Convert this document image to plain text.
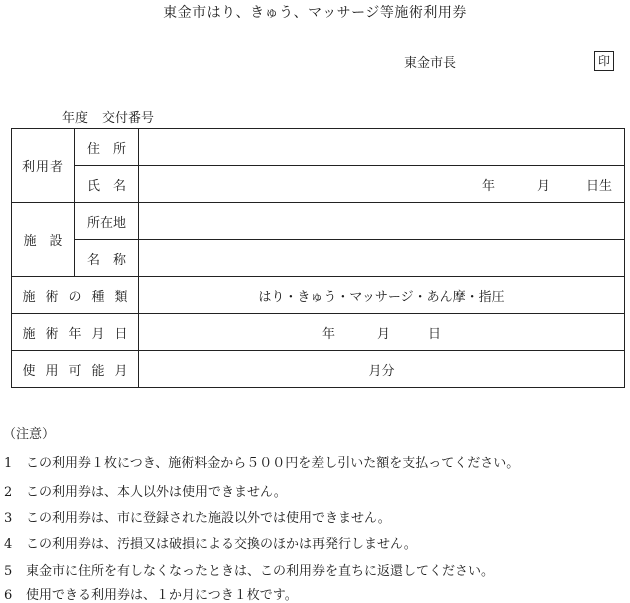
東金市はり、きゅう、マッサージ等施術利用券
東金市長	印
年度 交付番号
利用者	住　所	
	氏　名	年 月 日生
施　設	所在地	
	名　称	
施術の種類		はり・きゅう・マッサージ・あん摩・指圧
施術年月日		年 月 日
使用可能月		月分
（注意）
1 この利用券１枚につき、施術料金から５００円を差し引いた額を支払ってください。
2 この利用券は、本人以外は使用できません。
3 この利用券は、市に登録された施設以外では使用できません。
4 この利用券は、汚損又は破損による交換のほかは再発行しません。
5 東金市に住所を有しなくなったときは、この利用券を直ちに返還してください。
6 使用できる利用券は、１か月につき１枚です。
